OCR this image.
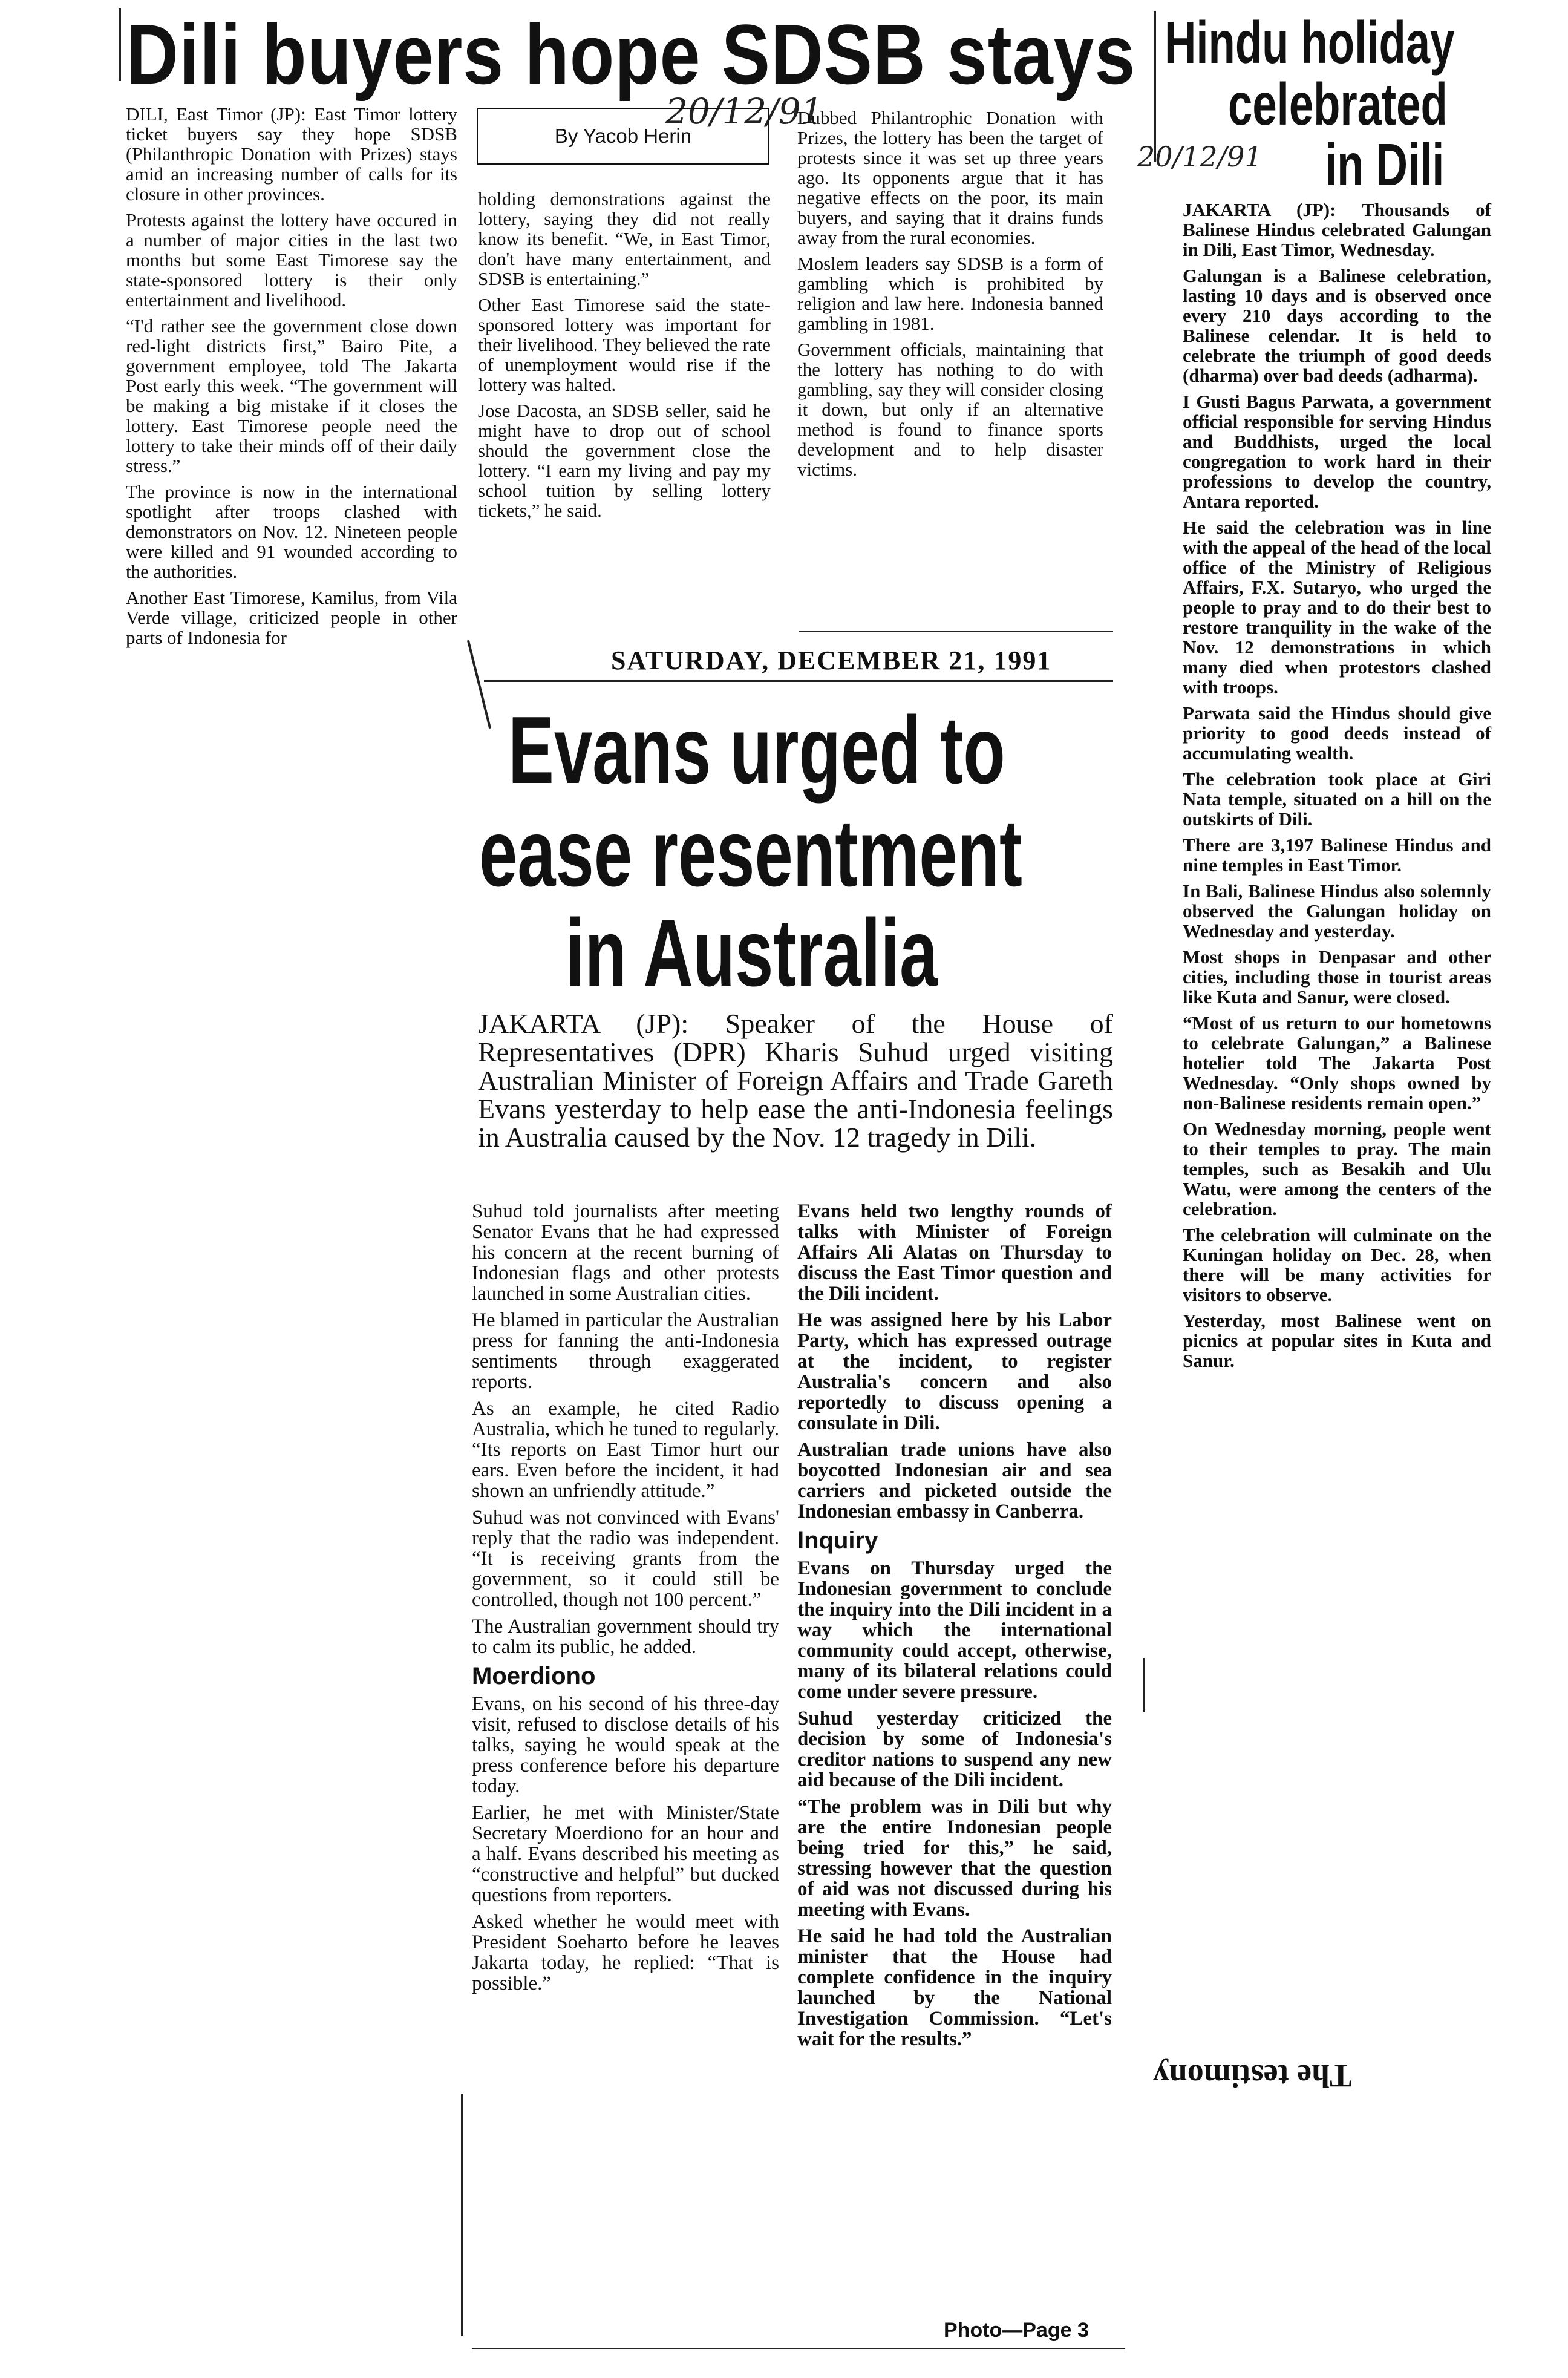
Dili buyers hope SDSB stays
20/12/91

DILI, East Timor (JP): East Timor lottery ticket buyers say they hope SDSB (Philanthropic Donation with Prizes) stays amid an increasing number of calls for its closure in other provinces.

Protests against the lottery have occured in a number of major cities in the last two months but some East Timorese say the state-sponsored lottery is their only entertainment and livelihood.

“I'd rather see the government close down red-light districts first,” Bairo Pite, a government employee, told The Jakarta Post early this week. “The government will be making a big mistake if it closes the lottery. East Timorese people need the lottery to take their minds off of their daily stress.”

The province is now in the international spotlight after troops clashed with demonstrators on Nov. 12. Nineteen people were killed and 91 wounded according to the authorities.

Another East Timorese, Kamilus, from Vila Verde village, criticized people in other parts of Indonesia for

By Yacob Herin

holding demonstrations against the lottery, saying they did not really know its benefit. “We, in East Timor, don't have many entertainment, and SDSB is entertaining.”

Other East Timorese said the state-sponsored lottery was important for their livelihood. They believed the rate of unemployment would rise if the lottery was halted.

Jose Dacosta, an SDSB seller, said he might have to drop out of school should the government close the lottery. “I earn my living and pay my school tuition by selling lottery tickets,” he said.

Dubbed Philantrophic Donation with Prizes, the lottery has been the target of protests since it was set up three years ago. Its opponents argue that it has negative effects on the poor, its main buyers, and saying that it drains funds away from the rural economies.

Moslem leaders say SDSB is a form of gambling which is prohibited by religion and law here. Indonesia banned gambling in 1981.

Government officials, maintaining that the lottery has nothing to do with gambling, say they will consider closing it down, but only if an alternative method is found to finance sports development and to help disaster victims.

SATURDAY, DECEMBER 21, 1991
Evans urged to
ease resentment
in Australia
JAKARTA (JP): Speaker of the House of Representatives (DPR) Kharis Suhud urged visiting Australian Minister of Foreign Affairs and Trade Gareth Evans yesterday to help ease the anti-Indonesia feelings in Australia caused by the Nov. 12 tragedy in Dili.

Suhud told journalists after meeting Senator Evans that he had expressed his concern at the recent burning of Indonesian flags and other protests launched in some Australian cities.

He blamed in particular the Australian press for fanning the anti-Indonesia sentiments through exaggerated reports.

As an example, he cited Radio Australia, which he tuned to regularly. “Its reports on East Timor hurt our ears. Even before the incident, it had shown an unfriendly attitude.”

Suhud was not convinced with Evans' reply that the radio was independent. “It is receiving grants from the government, so it could still be controlled, though not 100 percent.”

The Australian government should try to calm its public, he added.

Moerdiono

Evans, on his second of his three-day visit, refused to disclose details of his talks, saying he would speak at the press conference before his departure today.

Earlier, he met with Minister/State Secretary Moerdiono for an hour and a half. Evans described his meeting as “constructive and helpful” but ducked questions from reporters.

Asked whether he would meet with President Soeharto before he leaves Jakarta today, he replied: “That is possible.”

Evans held two lengthy rounds of talks with Minister of Foreign Affairs Ali Alatas on Thursday to discuss the East Timor question and the Dili incident.

He was assigned here by his Labor Party, which has expressed outrage at the incident, to register Australia's concern and also reportedly to discuss opening a consulate in Dili.

Australian trade unions have also boycotted Indonesian air and sea carriers and picketed outside the Indonesian embassy in Canberra.

Inquiry

Evans on Thursday urged the Indonesian government to conclude the inquiry into the Dili incident in a way which the international community could accept, otherwise, many of its bilateral relations could come under severe pressure.

Suhud yesterday criticized the decision by some of Indonesia's creditor nations to suspend any new aid because of the Dili incident.

“The problem was in Dili but why are the entire Indonesian people being tried for this,” he said, stressing however that the question of aid was not discussed during his meeting with Evans.

He said he had told the Australian minister that the House had complete confidence in the inquiry launched by the National Investigation Commission. “Let's wait for the results.”

Photo—Page 3
Hindu holiday
celebrated
in Dili
20/12/91

JAKARTA (JP): Thousands of Balinese Hindus celebrated Galungan in Dili, East Timor, Wednesday.

Galungan is a Balinese celebration, lasting 10 days and is observed once every 210 days according to the Balinese celendar. It is held to celebrate the triumph of good deeds (dharma) over bad deeds (adharma).

I Gusti Bagus Parwata, a government official responsible for serving Hindus and Buddhists, urged the local congregation to work hard in their professions to develop the country, Antara reported.

He said the celebration was in line with the appeal of the head of the local office of the Ministry of Religious Affairs, F.X. Sutaryo, who urged the people to pray and to do their best to restore tranquility in the wake of the Nov. 12 demonstrations in which many died when protestors clashed with troops.

Parwata said the Hindus should give priority to good deeds instead of accumulating wealth.

The celebration took place at Giri Nata temple, situated on a hill on the outskirts of Dili.

There are 3,197 Balinese Hindus and nine temples in East Timor.

In Bali, Balinese Hindus also solemnly observed the Galungan holiday on Wednesday and yesterday.

Most shops in Denpasar and other cities, including those in tourist areas like Kuta and Sanur, were closed.

“Most of us return to our hometowns to celebrate Galungan,” a Balinese hotelier told The Jakarta Post Wednesday. “Only shops owned by non-Balinese residents remain open.”

On Wednesday morning, people went to their temples to pray. The main temples, such as Besakih and Ulu Watu, were among the centers of the celebration.

The celebration will culminate on the Kuningan holiday on Dec. 28, when there will be many activities for visitors to observe.

Yesterday, most Balinese went on picnics at popular sites in Kuta and Sanur.

The testimony
